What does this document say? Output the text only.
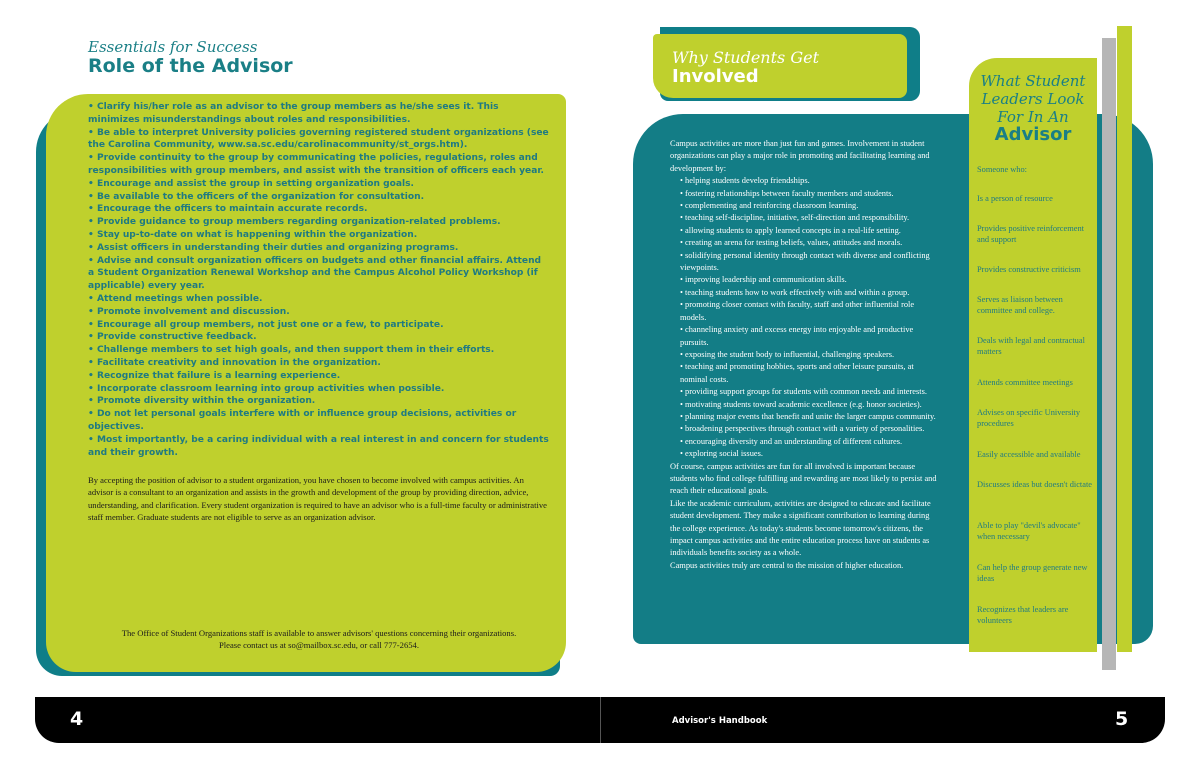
Essentials for Success
Role of the Advisor
• Clarify his/her role as an advisor to the group members as he/she sees it. This minimizes misunderstandings about roles and responsibilities.
• Be able to interpret University policies governing registered student organizations (see the Carolina Community, www.sa.sc.edu/carolinacommunity/st_orgs.htm).
• Provide continuity to the group by communicating the policies, regulations, roles and responsibilities with group members, and assist with the transition of officers each year.
• Encourage and assist the group in setting organization goals.
• Be available to the officers of the organization for consultation.
• Encourage the officers to maintain accurate records.
• Provide guidance to group members regarding organization-related problems.
• Stay up-to-date on what is happening within the organization.
• Assist officers in understanding their duties and organizing programs.
• Advise and consult organization officers on budgets and other financial affairs. Attend a Student Organization Renewal Workshop and the Campus Alcohol Policy Workshop (if applicable) every year.
• Attend meetings when possible.
• Promote involvement and discussion.
• Encourage all group members, not just one or a few, to participate.
• Provide constructive feedback.
• Challenge members to set high goals, and then support them in their efforts.
• Facilitate creativity and innovation in the organization.
• Recognize that failure is a learning experience.
• Incorporate classroom learning into group activities when possible.
• Promote diversity within the organization.
• Do not let personal goals interfere with or influence group decisions, activities or objectives.
• Most importantly, be a caring individual with a real interest in and concern for students and their growth.
By accepting the position of advisor to a student organization, you have chosen to become involved with campus activities. An advisor is a consultant to an organization and assists in the growth and development of the group by providing direction, advice, understanding, and clarification. Every student organization is required to have an advisor who is a full-time faculty or administrative staff member. Graduate students are not eligible to serve as an organization advisor.
The Office of Student Organizations staff is available to answer advisors' questions concerning their organizations.
Please contact us at so@mailbox.sc.edu, or call 777-2654.
Why Students Get
Involved
Campus activities are more than just fun and games. Involvement in student organizations can play a major role in promoting and facilitating learning and development by:
• helping students develop friendships.
• fostering relationships between faculty members and students.
• complementing and reinforcing classroom learning.
• teaching self-discipline, initiative, self-direction and responsibility.
• allowing students to apply learned concepts in a real-life setting.
• creating an arena for testing beliefs, values, attitudes and morals.
• solidifying personal identity through contact with diverse and conflicting viewpoints.
• improving leadership and communication skills.
• teaching students how to work effectively with and within a group.
• promoting closer contact with faculty, staff and other influential role models.
• channeling anxiety and excess energy into enjoyable and productive pursuits.
• exposing the student body to influential, challenging speakers.
• teaching and promoting hobbies, sports and other leisure pursuits, at nominal costs.
• providing support groups for students with common needs and interests.
• motivating students toward academic excellence (e.g. honor societies).
• planning major events that benefit and unite the larger campus community.
• broadening perspectives through contact with a variety of personalities.
• encouraging diversity and an understanding of different cultures.
• exploring social issues.
Of course, campus activities are fun for all involved is important because students who find college fulfilling and rewarding are most likely to persist and reach their educational goals.
Like the academic curriculum, activities are designed to educate and facilitate student development. They make a significant contribution to learning during the college experience. As today's students become tomorrow's citizens, the impact campus activities and the entire education process have on students as individuals benefits society as a whole.
Campus activities truly are central to the mission of higher education.
What Student Leaders Look For In An
Advisor
Someone who:
Is a person of resource
Provides positive reinforcement and support
Provides constructive criticism
Serves as liaison between committee and college.
Deals with legal and contractual matters
Attends committee meetings
Advises on specific University procedures
Easily accessible and available
Discusses ideas but doesn't dictate
Able to play "devil's advocate" when necessary
Can help the group generate new ideas
Recognizes that leaders are volunteers
4	Advisor's Handbook	5
